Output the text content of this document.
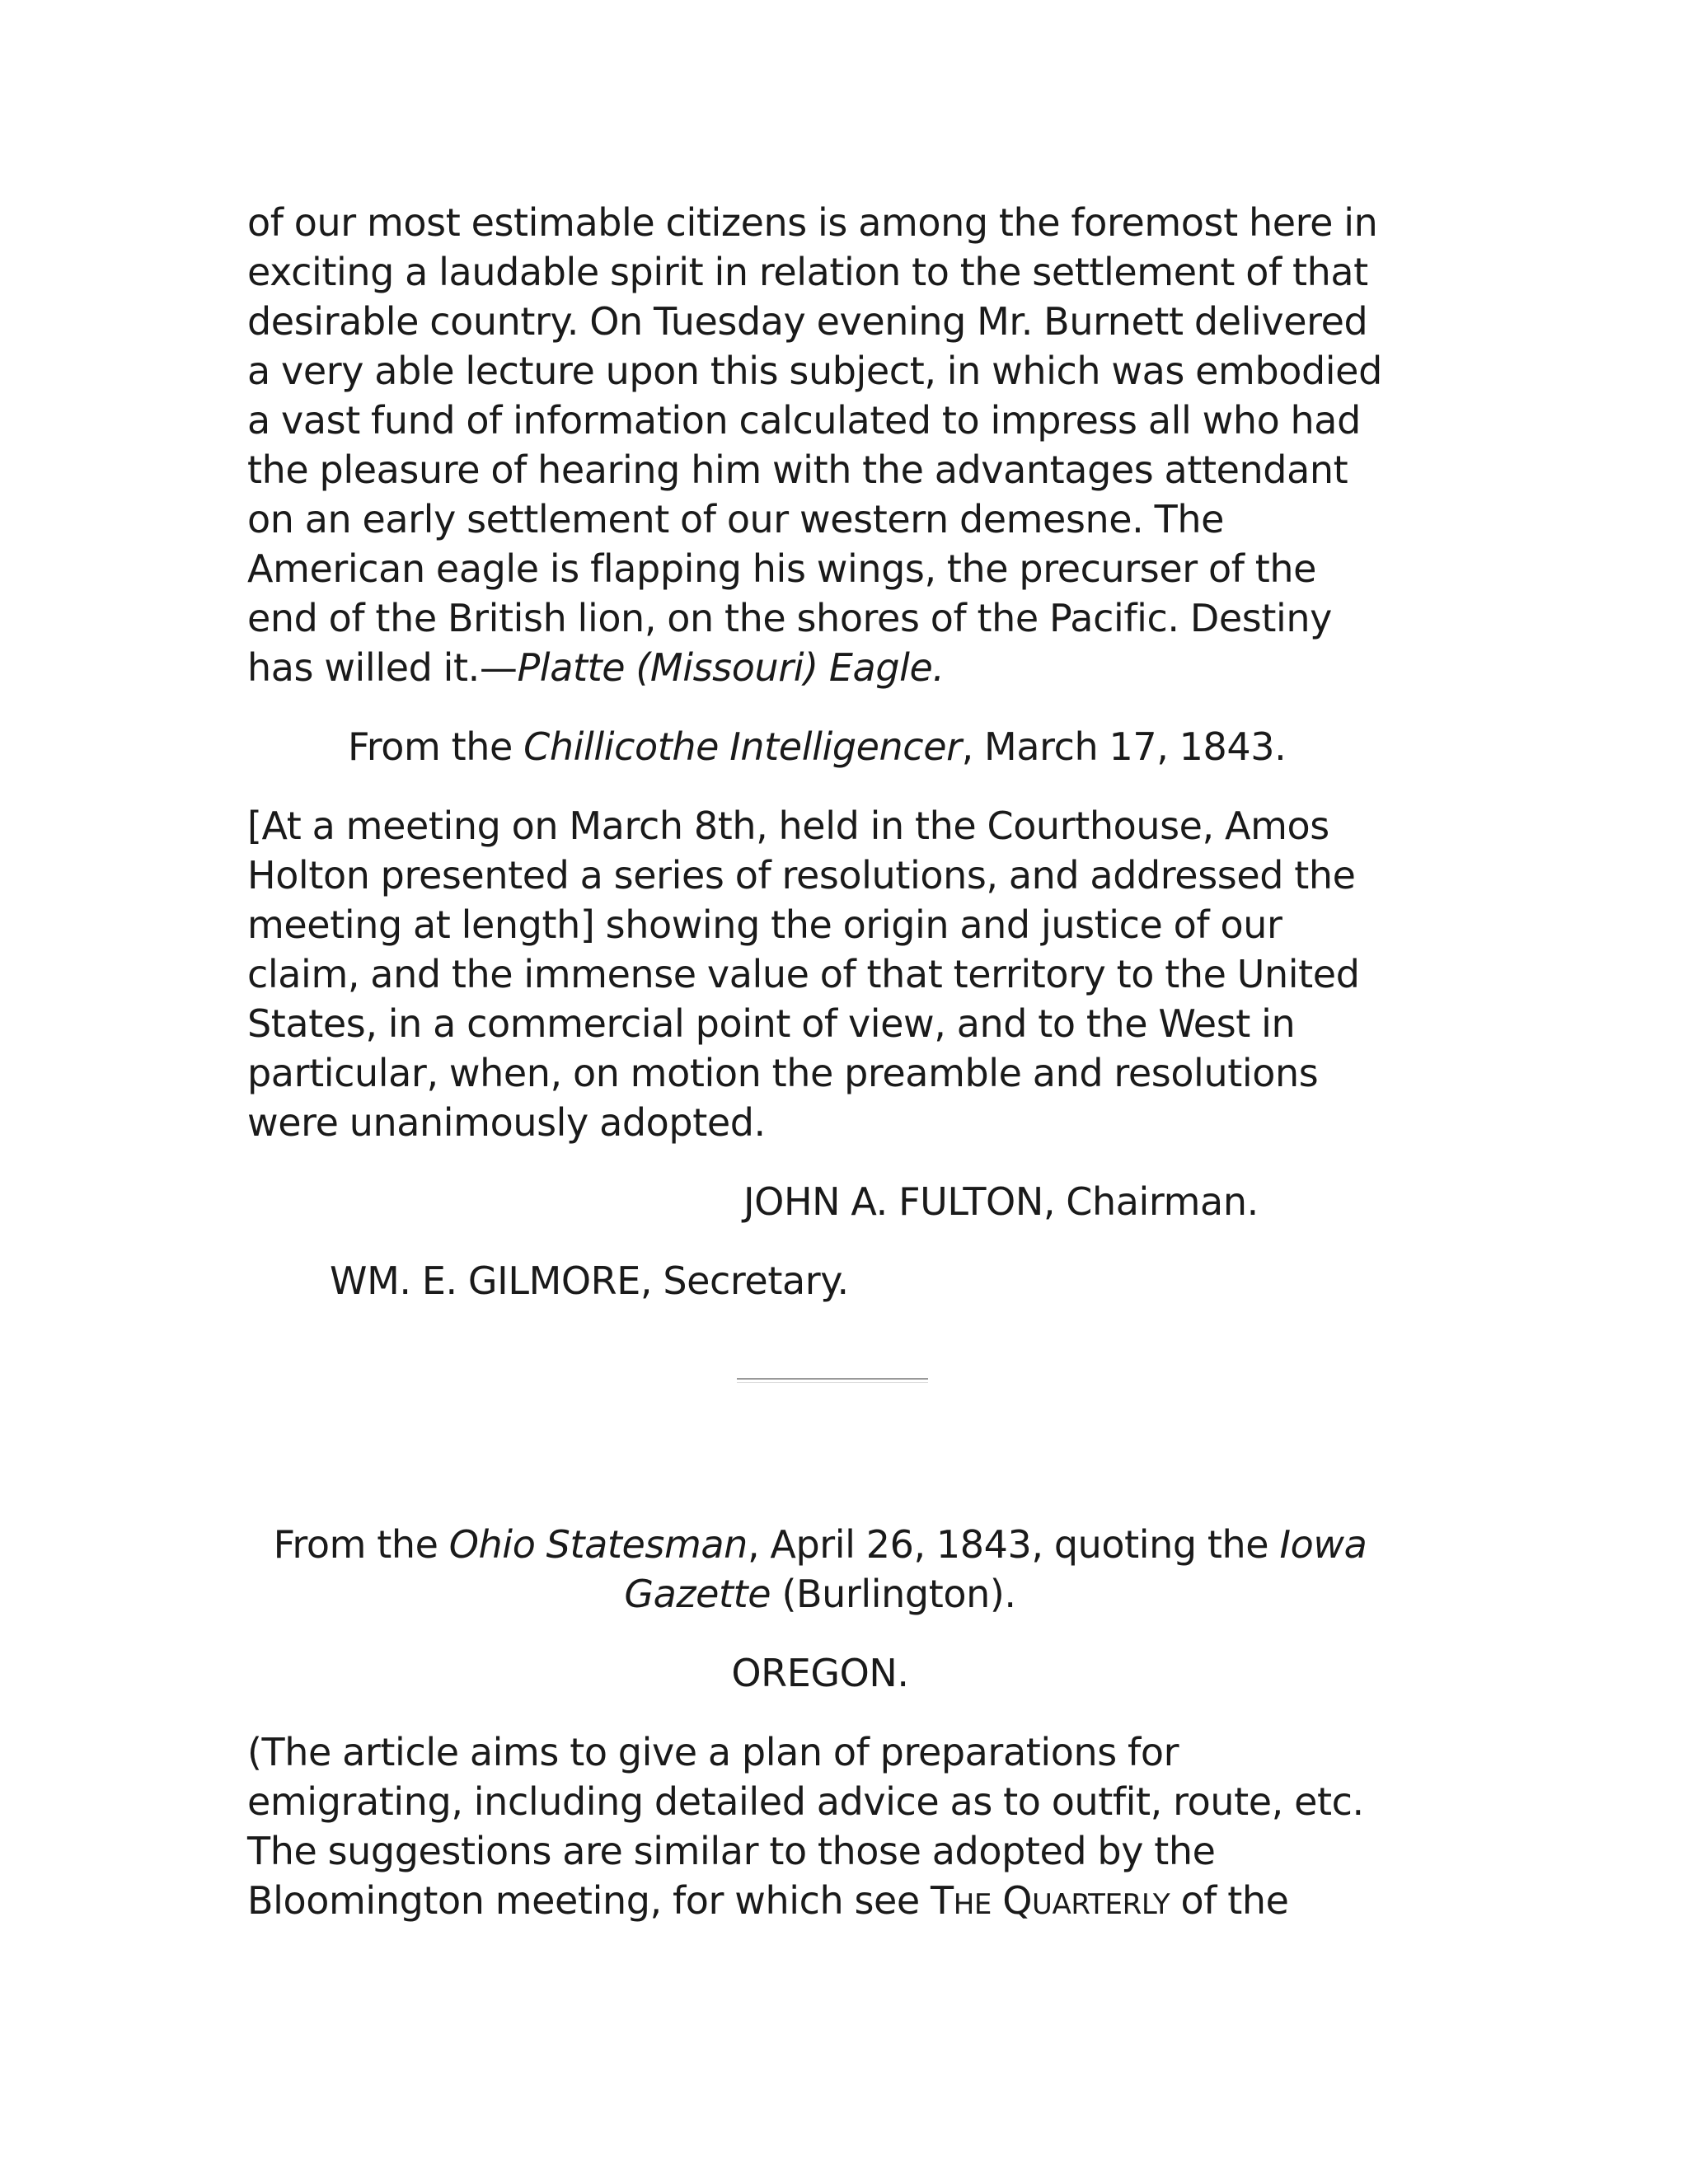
of our most estimable citizens is among the foremost here in exciting a laudable spirit in relation to the settlement of that desirable country. On Tuesday evening Mr. Burnett delivered a very able lecture upon this subject, in which was embodied a vast fund of information calculated to impress all who had the pleasure of hearing him with the advantages attendant on an early settlement of our western demesne. The American eagle is flapping his wings, the precurser of the end of the British lion, on the shores of the Pacific. Destiny has willed it.—Platte (Missouri) Eagle.

From the Chillicothe Intelligencer, March 17, 1843.

[At a meeting on March 8th, held in the Courthouse, Amos Holton presented a series of resolutions, and addressed the meeting at length] showing the origin and justice of our claim, and the immense value of that territory to the United States, in a commercial point of view, and to the West in particular, when, on motion the preamble and resolutions were unanimously adopted.

JOHN A. FULTON, Chairman.

WM. E. GILMORE, Secretary.

From the Ohio Statesman, April 26, 1843, quoting the Iowa Gazette (Burlington).

OREGON.

(The article aims to give a plan of preparations for emigrating, including detailed advice as to outfit, route, etc. The suggestions are similar to those adopted by the Bloomington meeting, for which see THE QUARTERLY of the
